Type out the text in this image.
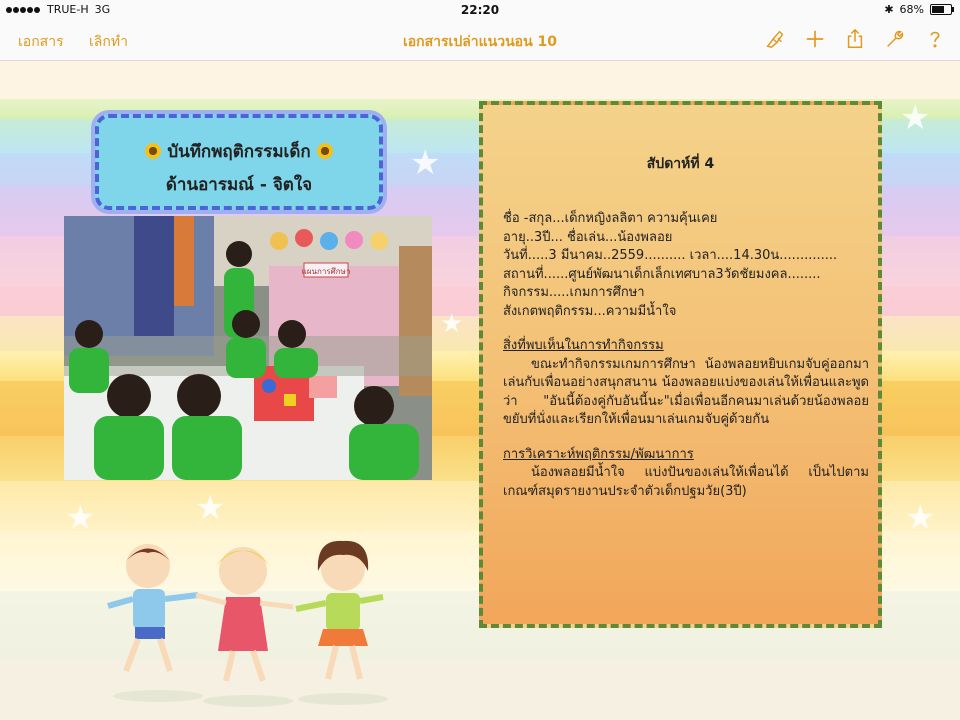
TRUE-H 3G	22:20	✱ 68%
เอกสาร เลิกทำ	เอกสารเปล่าแนวนอน 10
★
★	★
★
★
★
บันทึกพฤติกรรมเด็ก
ด้านอารมณ์ - จิตใจ
แผนการศึกษา
สัปดาห์ที่ 4

ชื่อ -สกุล...เด็กหญิงลลิตา ความคุ้นเคย

อายุ..3ปี... ชื่อเล่น...น้องพลอย

วันที่.....3 มีนาคม..2559.......... เวลา....14.30น..............

สถานที่......ศูนย์พัฒนาเด็กเล็กเทศบาล3วัดชัยมงคล........

กิจกรรม.....เกมการศึกษา

สังเกตพฤติกรรม...ความมีน้ำใจ

สิ่งที่พบเห็นในการทำกิจกรรม

ขณะทำกิจกรรมเกมการศึกษา น้องพลอยหยิบเกมจับคู่ออกมาเล่นกับเพื่อนอย่างสนุกสนาน น้องพลอยแบ่งของเล่นให้เพื่อนและพูดว่า "อันนี้ต้องคู่กับอันนี้นะ"เมื่อเพื่อนอีกคนมาเล่นด้วยน้องพลอยขยับที่นั่งและเรียกให้เพื่อนมาเล่นเกมจับคู่ด้วยกัน

การวิเคราะห์พฤติกรรม/พัฒนาการ

น้องพลอยมีน้ำใจ แบ่งปันของเล่นให้เพื่อนได้ เป็นไปตามเกณฑ์สมุดรายงานประจำตัวเด็กปฐมวัย(3ปี)
